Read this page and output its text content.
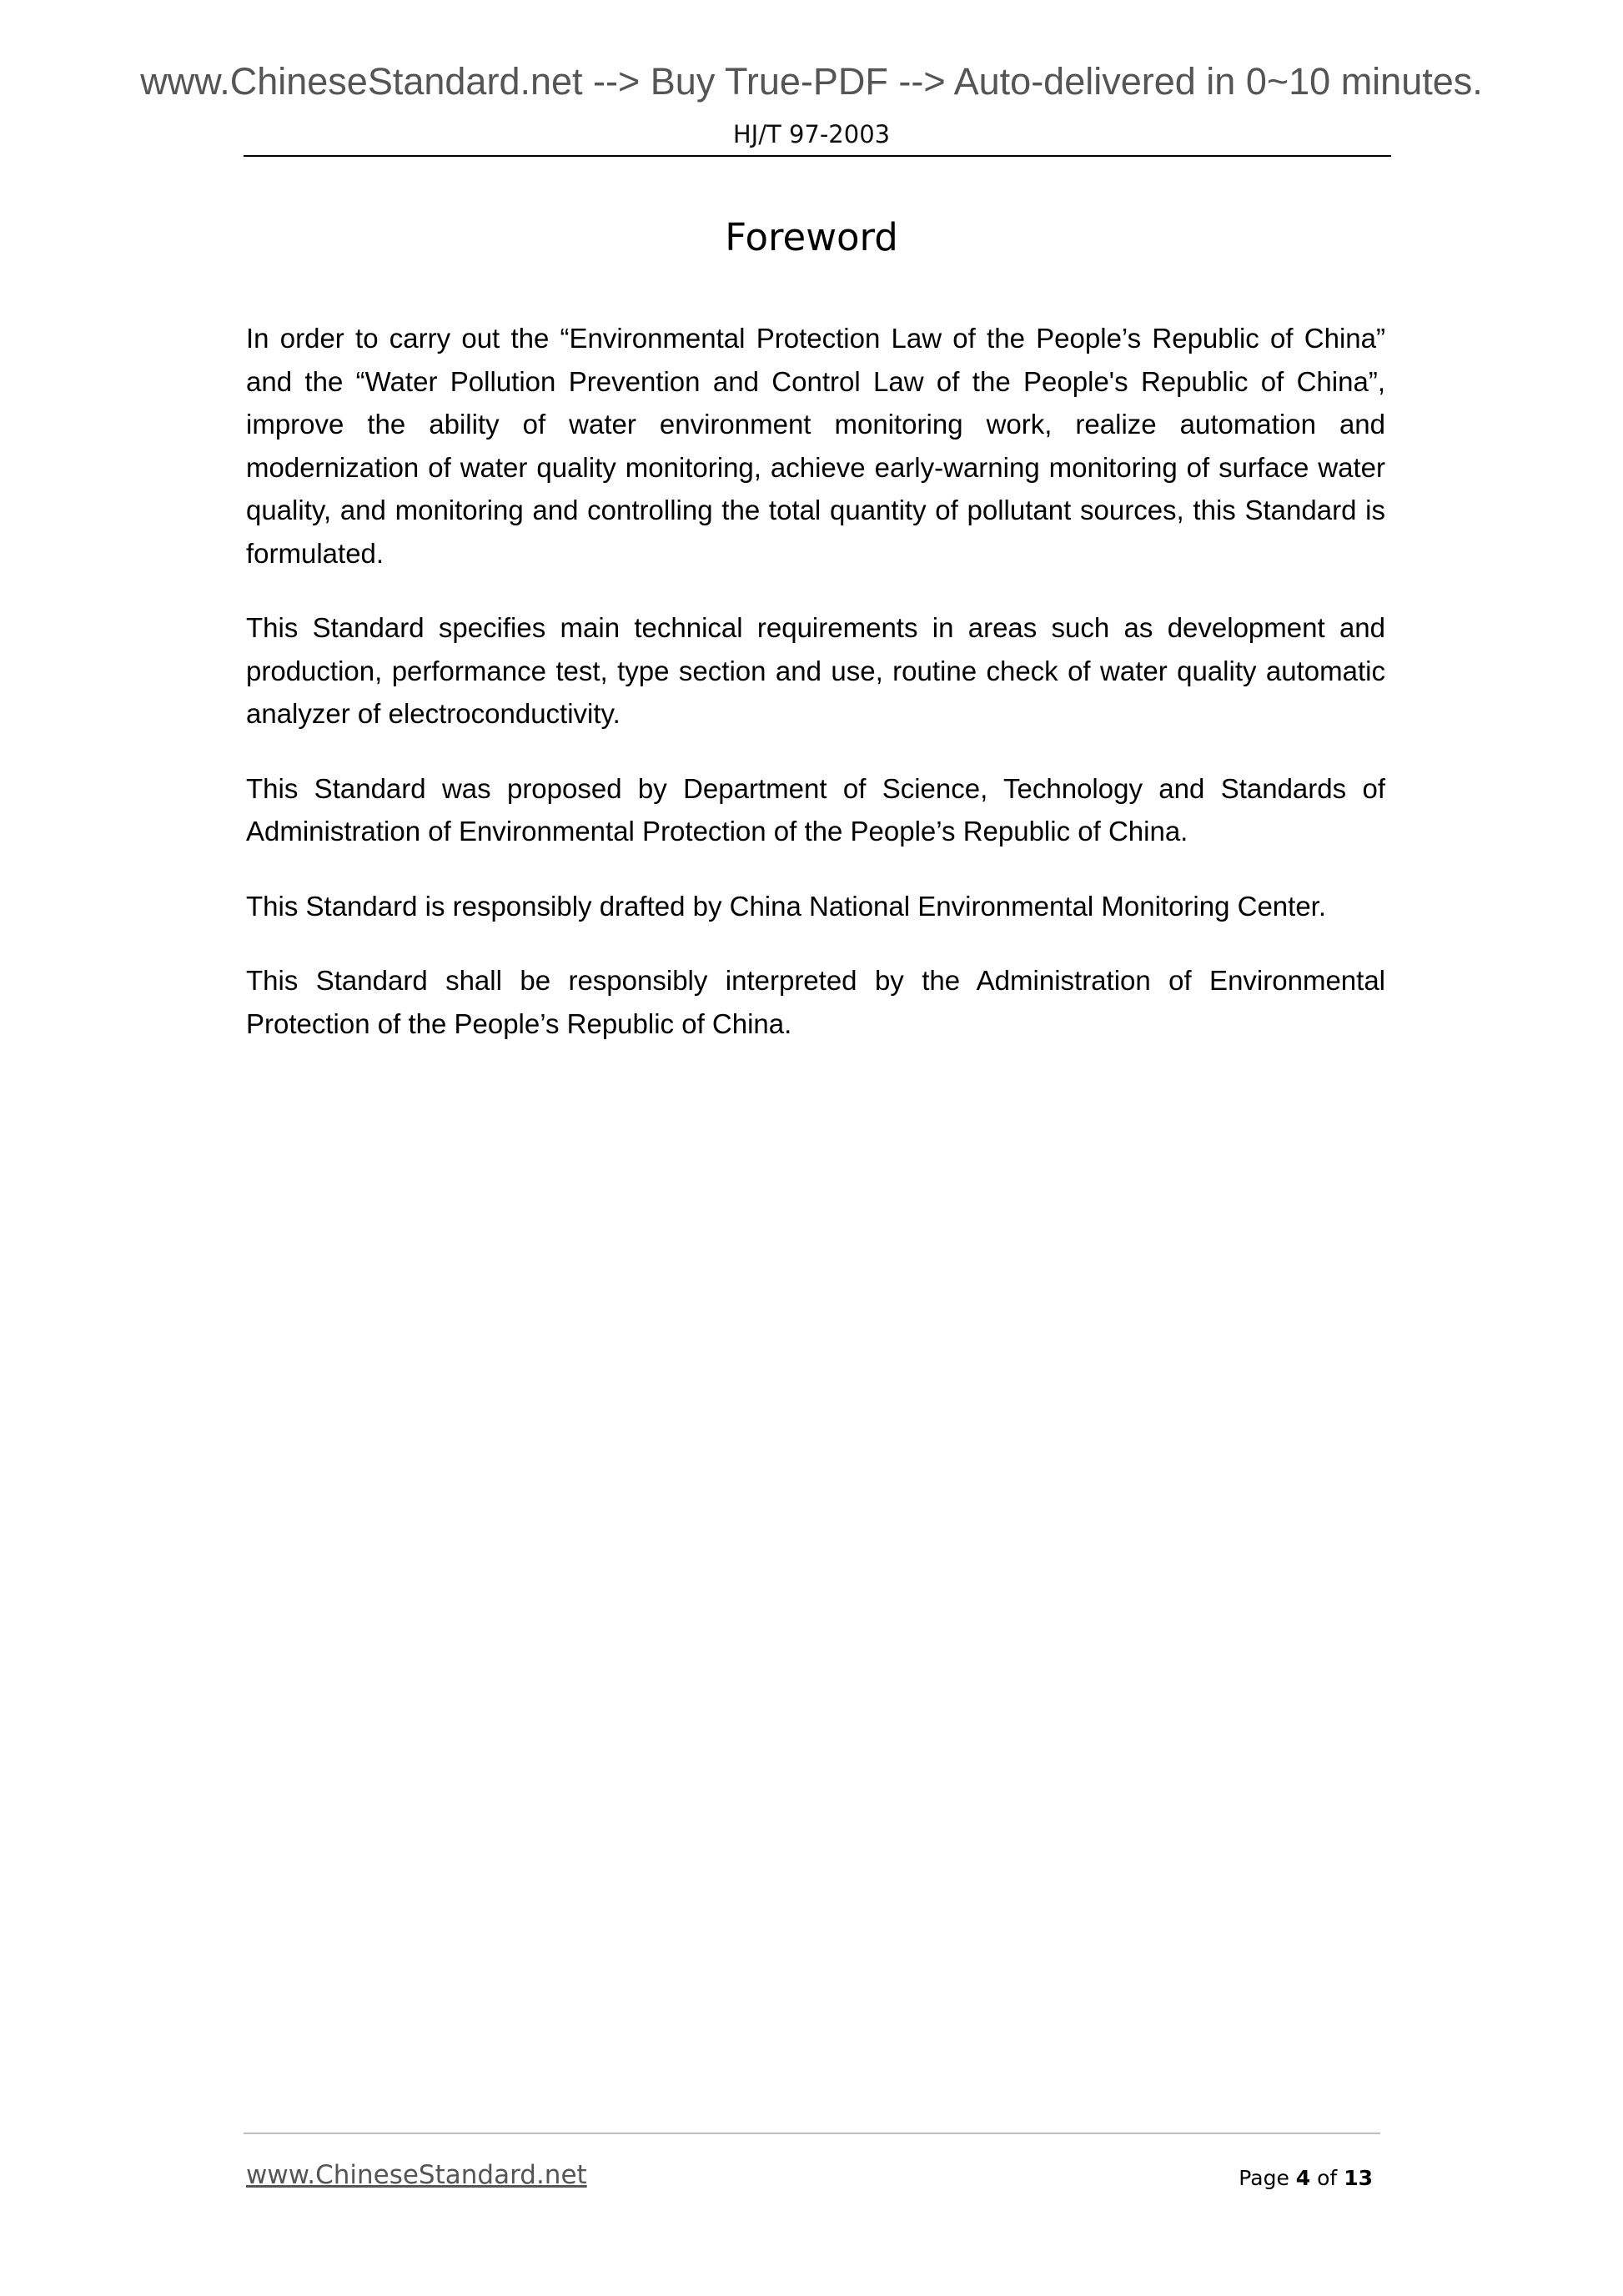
www.ChineseStandard.net --> Buy True-PDF --> Auto-delivered in 0~10 minutes.
HJ/T 97-2003
Foreword

In order to carry out the “Environmental Protection Law of the People’s Republic of China” and the “Water Pollution Prevention and Control Law of the People's Republic of China”, improve the ability of water environment monitoring work, realize automation and modernization of water quality monitoring, achieve early-warning monitoring of surface water quality, and monitoring and controlling the total quantity of pollutant sources, this Standard is formulated.

This Standard specifies main technical requirements in areas such as development and production, performance test, type section and use, routine check of water quality automatic analyzer of electroconductivity.

This Standard was proposed by Department of Science, Technology and Standards of Administration of Environmental Protection of the People’s Republic of China.

This Standard is responsibly drafted by China National Environmental Monitoring Center.

This Standard shall be responsibly interpreted by the Administration of Environmental Protection of the People’s Republic of China.

www.ChineseStandard.net	Page 4 of 13
